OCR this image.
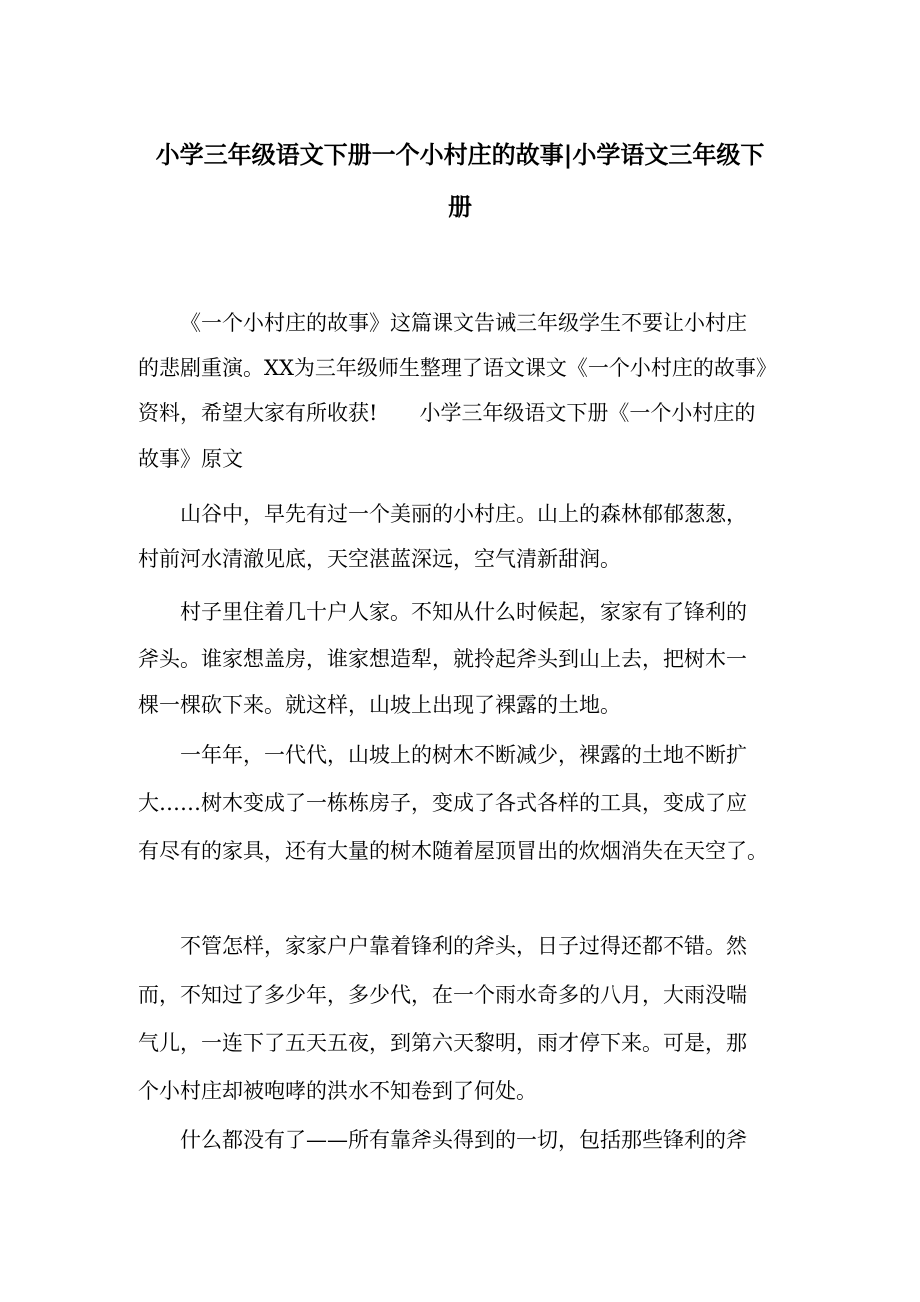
小学三年级语文下册一个小村庄的故事|小学语文三年级下
册
《一个小村庄的故事》这篇课文告诫三年级学生不要让小村庄
的悲剧重演。XX为三年级师生整理了语文课文《一个小村庄的故事》
资料，希望大家有所收获!　　小学三年级语文下册《一个小村庄的
故事》原文
山谷中，早先有过一个美丽的小村庄。山上的森林郁郁葱葱，
村前河水清澈见底，天空湛蓝深远，空气清新甜润。
村子里住着几十户人家。不知从什么时候起，家家有了锋利的
斧头。谁家想盖房，谁家想造犁，就拎起斧头到山上去，把树木一
棵一棵砍下来。就这样，山坡上出现了裸露的土地。
一年年，一代代，山坡上的树木不断减少，裸露的土地不断扩
大……树木变成了一栋栋房子，变成了各式各样的工具，变成了应
有尽有的家具，还有大量的树木随着屋顶冒出的炊烟消失在天空了。
不管怎样，家家户户靠着锋利的斧头，日子过得还都不错。然
而，不知过了多少年，多少代，在一个雨水奇多的八月，大雨没喘
气儿，一连下了五天五夜，到第六天黎明，雨才停下来。可是，那
个小村庄却被咆哮的洪水不知卷到了何处。
什么都没有了——所有靠斧头得到的一切，包括那些锋利的斧
